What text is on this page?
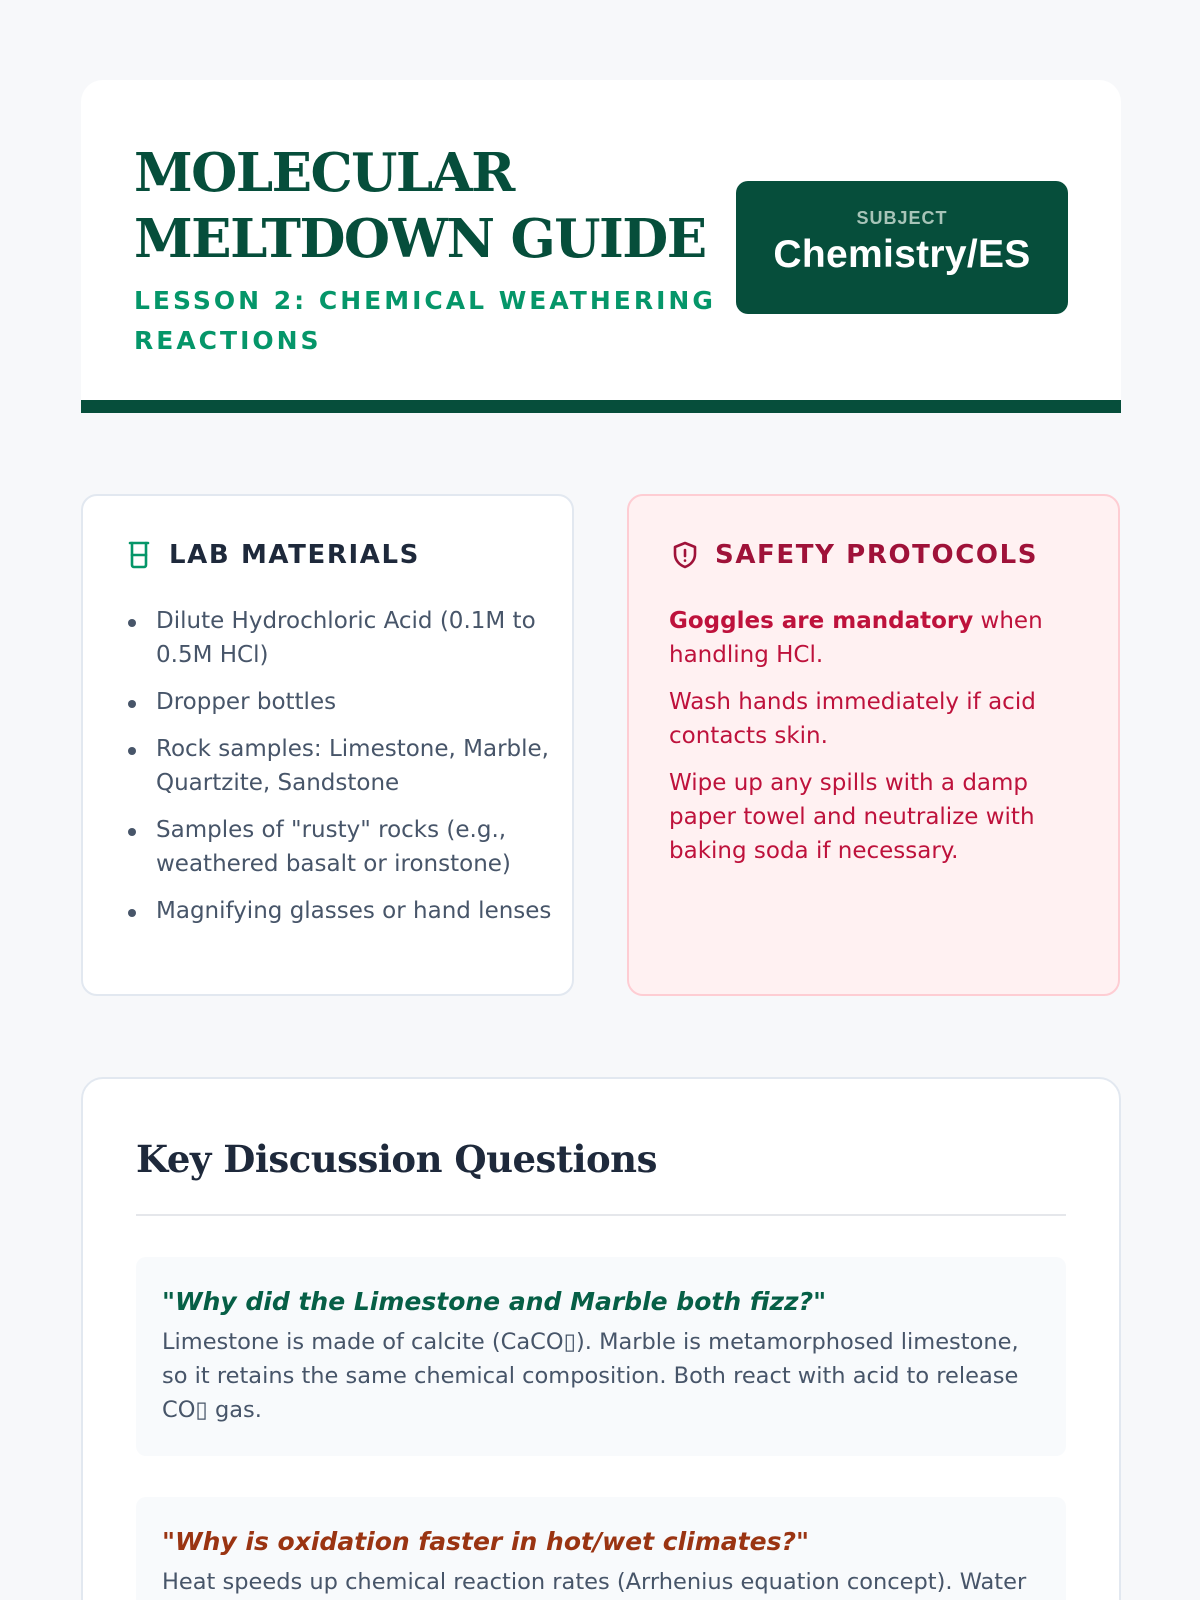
MOLECULAR
MELTDOWN GUIDE
LESSON 2: CHEMICAL WEATHERING
REACTIONS
SUBJECT
Chemistry/ES
LAB MATERIALS
Dilute Hydrochloric Acid (0.1M to 0.5M HCl)
Dropper bottles
Rock samples: Limestone, Marble, Quartzite, Sandstone
Samples of "rusty" rocks (e.g., weathered basalt or ironstone)
Magnifying glasses or hand lenses
SAFETY PROTOCOLS

Goggles are mandatory when handling HCl.

Wash hands immediately if acid contacts skin.

Wipe up any spills with a damp paper towel and neutralize with baking soda if necessary.

Key Discussion Questions
"Why did the Limestone and Marble both fizz?"
Limestone is made of calcite (CaCO▯). Marble is metamorphosed limestone, so it retains the same chemical composition. Both react with acid to release CO▯ gas.
"Why is oxidation faster in hot/wet climates?"
Heat speeds up chemical reaction rates (Arrhenius equation concept). Water
